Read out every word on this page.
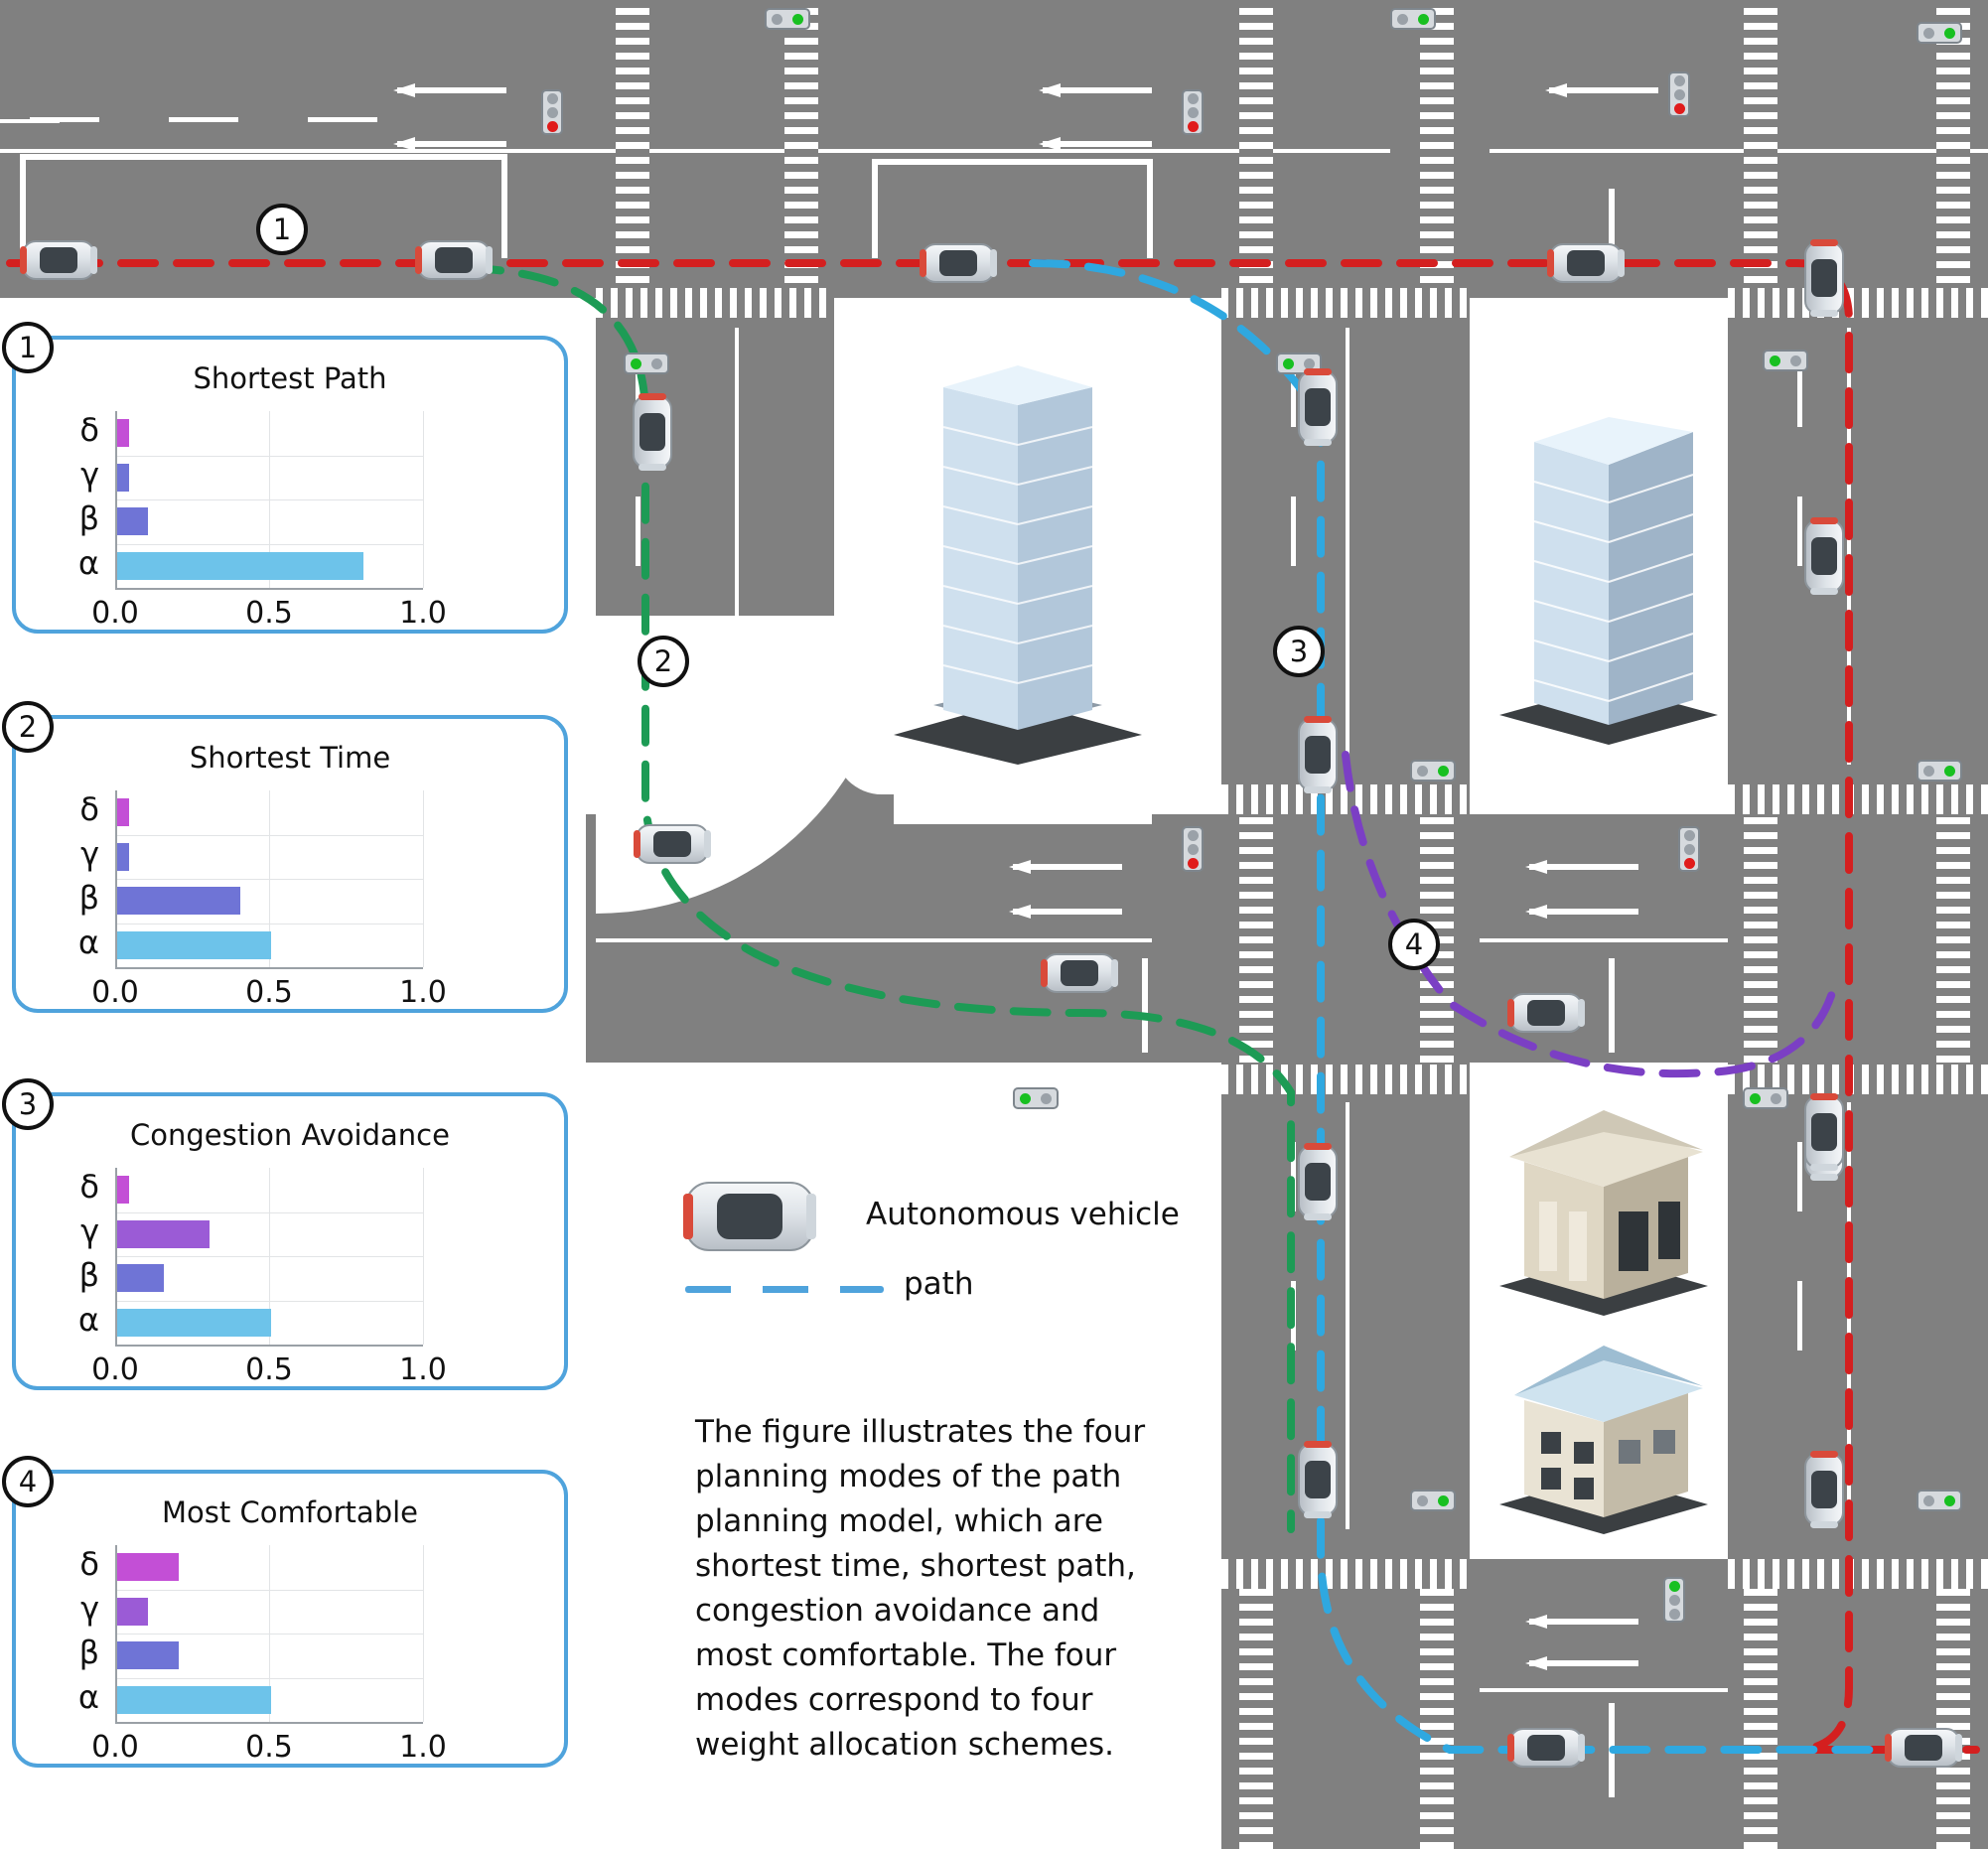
1
2	3
4
1
Shortest Path
δ
γ
β
α
0.0	0.5	1.0
2
Shortest Time
δ
γ
β
α
0.0	0.5	1.0
3
Congestion Avoidance
δ
γ
β
α
0.0	0.5	1.0
4
Most Comfortable
δ
γ
β
α
0.0	0.5	1.0
Autonomous vehicle
path
The figure illustrates the four planning modes of the path planning model, which are shortest time, shortest path, congestion avoidance and most comfortable. The four modes correspond to four weight allocation schemes.
